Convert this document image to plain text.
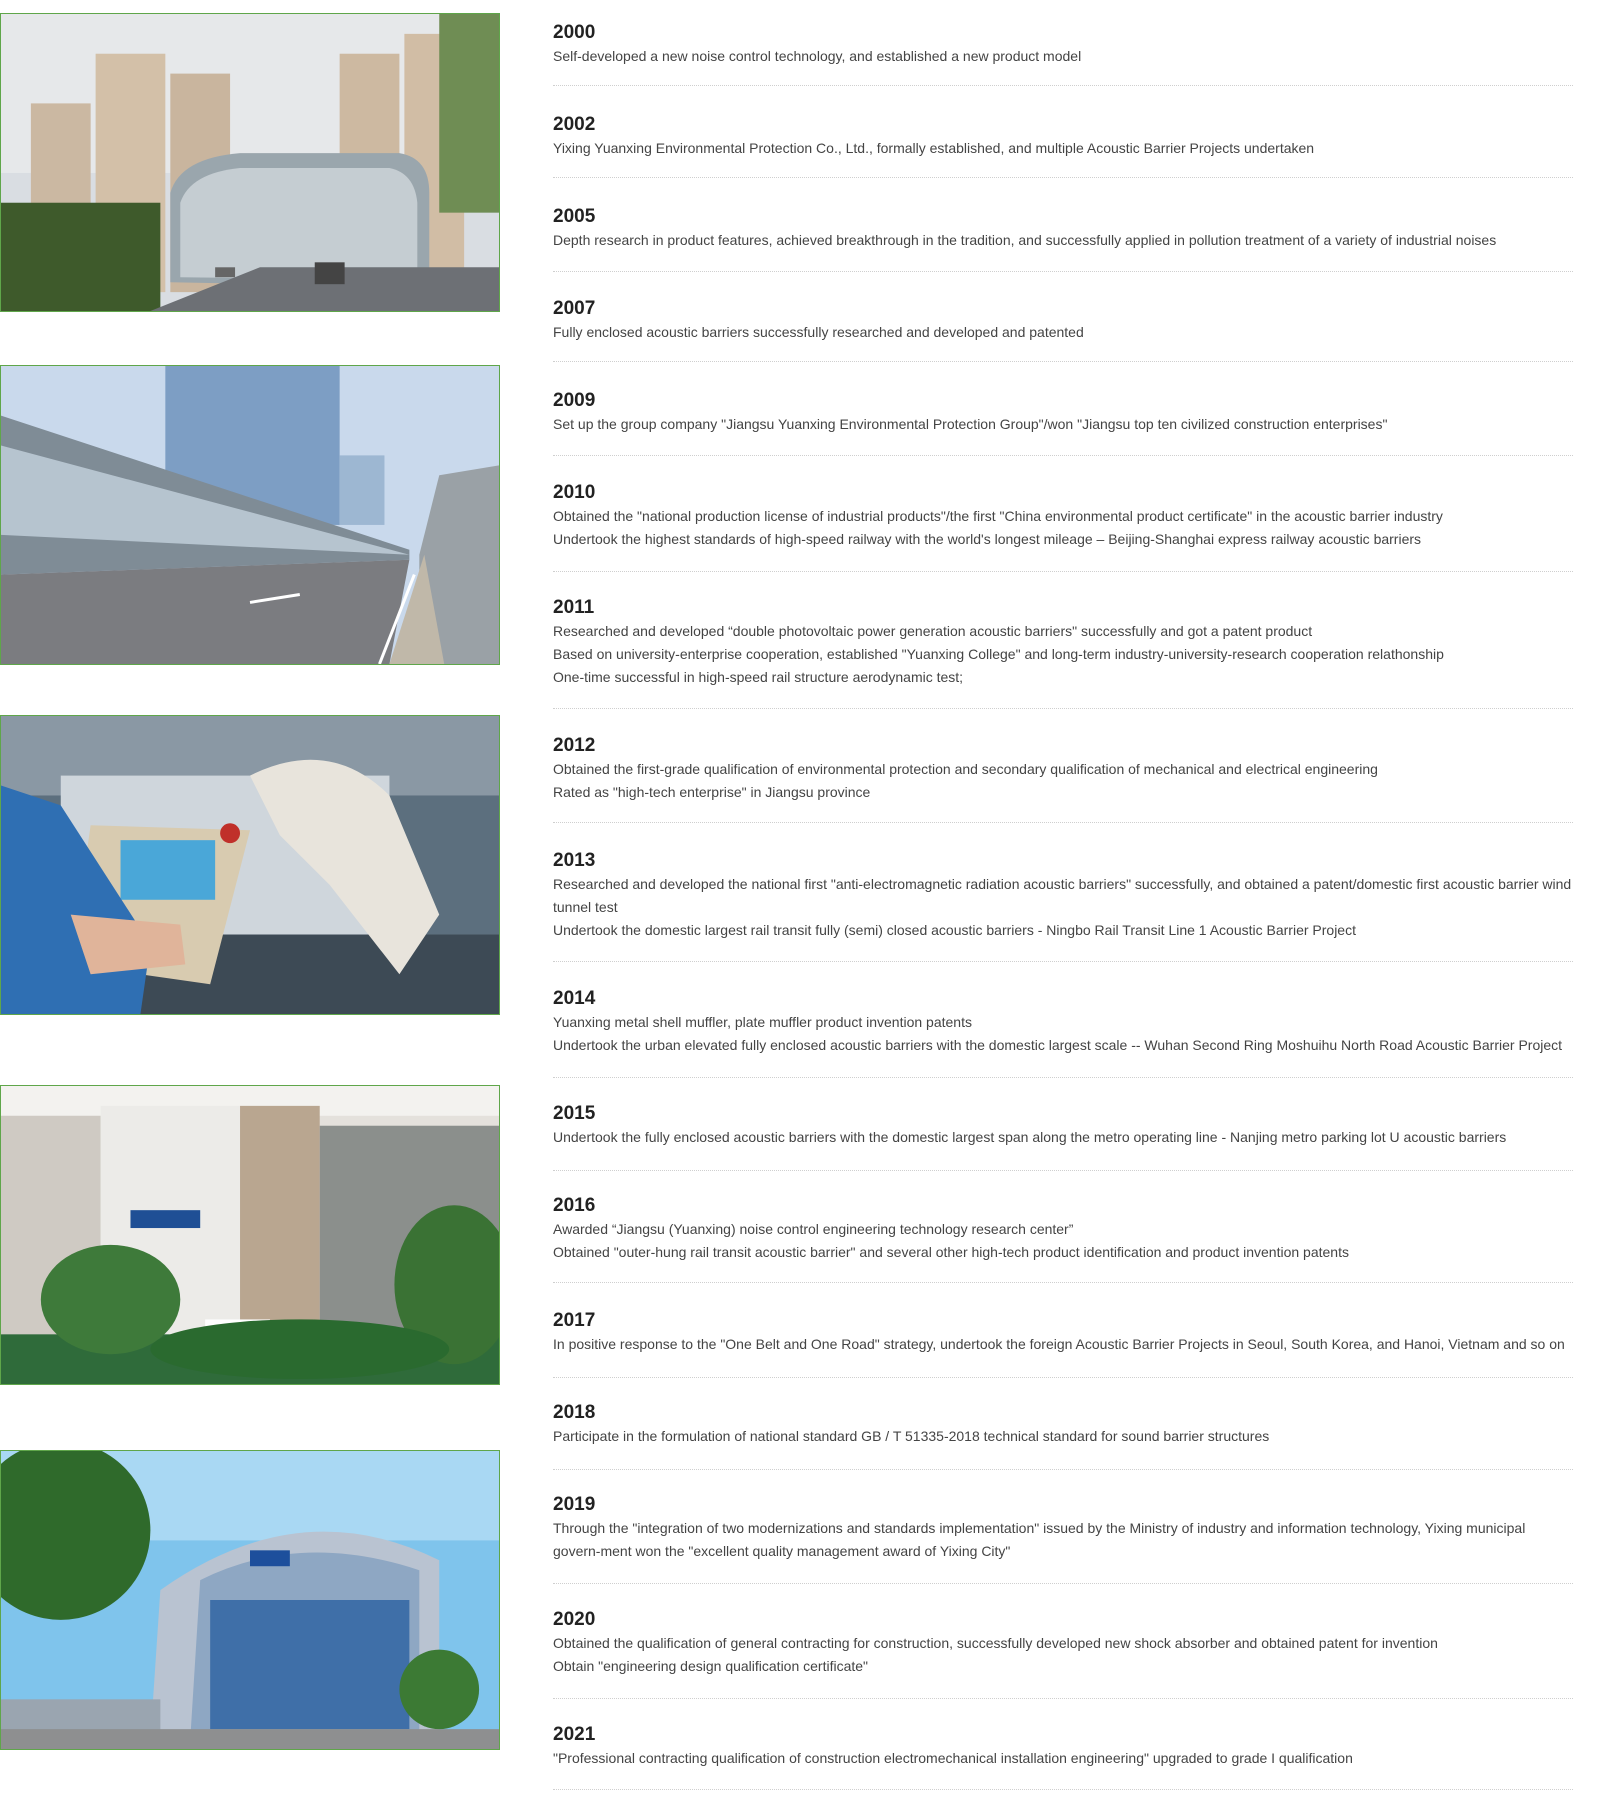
2000
Self-developed a new noise control technology, and established a new product model
2002
Yixing Yuanxing Environmental Protection Co., Ltd., formally established, and multiple Acoustic Barrier Projects undertaken
2005
Depth research in product features, achieved breakthrough in the tradition, and successfully applied in pollution treatment of a variety of industrial noises
2007
Fully enclosed acoustic barriers successfully researched and developed and patented
2009
Set up the group company "Jiangsu Yuanxing Environmental Protection Group"/won "Jiangsu top ten civilized construction enterprises"
2010
Obtained the "national production license of industrial products"/the first "China environmental product certificate" in the acoustic barrier industry
Undertook the highest standards of high-speed railway with the world's longest mileage – Beijing-Shanghai express railway acoustic barriers
2011
Researched and developed “double photovoltaic power generation acoustic barriers" successfully and got a patent product
Based on university-enterprise cooperation, established "Yuanxing College" and long-term industry-university-research cooperation relathonship
One-time successful in high-speed rail structure aerodynamic test;
2012
Obtained the first-grade qualification of environmental protection and secondary qualification of mechanical and electrical engineering
Rated as "high-tech enterprise" in Jiangsu province
2013
Researched and developed the national first "anti-electromagnetic radiation acoustic barriers" successfully, and obtained a patent/domestic first acoustic barrier wind tunnel test
Undertook the domestic largest rail transit fully (semi) closed acoustic barriers - Ningbo Rail Transit Line 1 Acoustic Barrier Project
2014
Yuanxing metal shell muffler, plate muffler product invention patents
Undertook the urban elevated fully enclosed acoustic barriers with the domestic largest scale -- Wuhan Second Ring Moshuihu North Road Acoustic Barrier Project
2015
Undertook the fully enclosed acoustic barriers with the domestic largest span along the metro operating line - Nanjing metro parking lot U acoustic barriers
2016
Awarded “Jiangsu (Yuanxing) noise control engineering technology research center”
Obtained "outer-hung rail transit acoustic barrier" and several other high-tech product identification and product invention patents
2017
In positive response to the "One Belt and One Road" strategy, undertook the foreign Acoustic Barrier Projects in Seoul, South Korea, and Hanoi, Vietnam and so on
2018
Participate in the formulation of national standard GB / T 51335-2018 technical standard for sound barrier structures
2019
Through the "integration of two modernizations and standards implementation" issued by the Ministry of industry and information technology, Yixing municipal govern-ment won the "excellent quality management award of Yixing City"
2020
Obtained the qualification of general contracting for construction, successfully developed new shock absorber and obtained patent for invention
Obtain "engineering design qualification certificate"
2021
"Professional contracting qualification of construction electromechanical installation engineering" upgraded to grade I qualification
